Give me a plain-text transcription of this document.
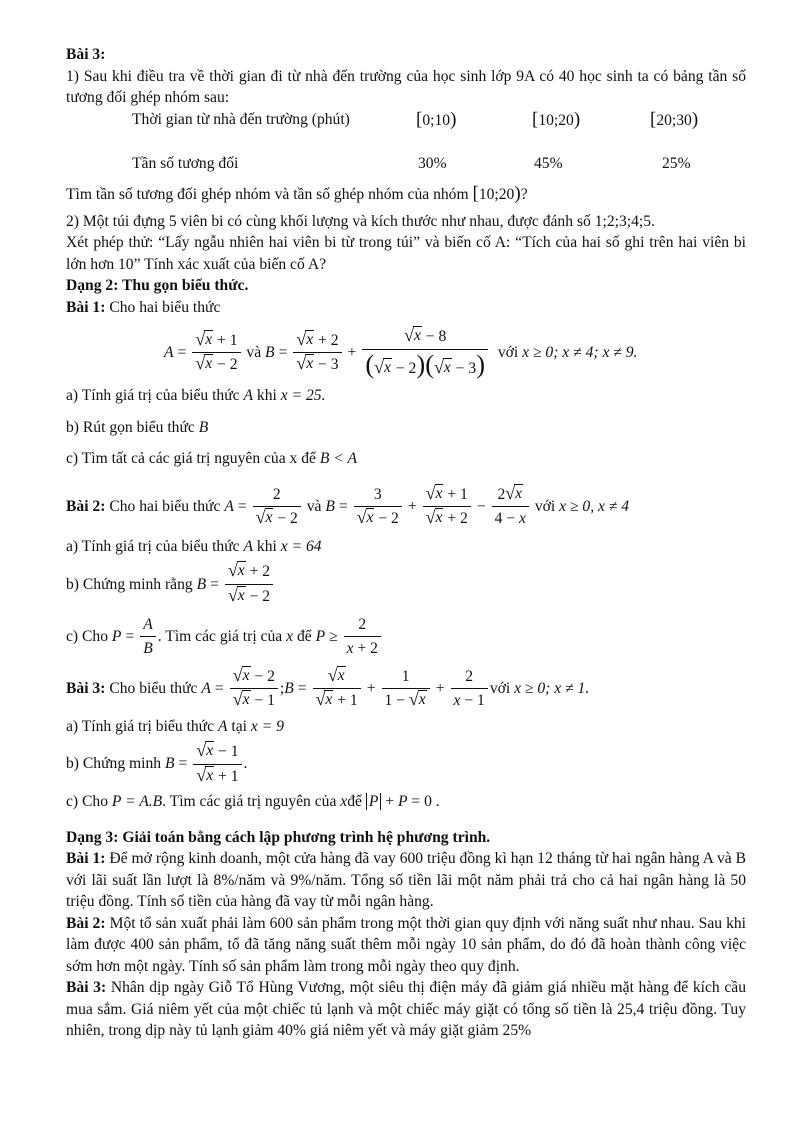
Bài 3:

1) Sau khi điều tra về thời gian đi từ nhà đến trường của học sinh lớp 9A có 40 học sinh ta có bảng tần số tương đối ghép nhóm sau:

Thời gian từ nhà đến trường (phút)	[0;10)	[10;20)	[20;30)
Tần số tương đối	30%	45%	25%

Tìm tần số tương đối ghép nhóm và tần số ghép nhóm của nhóm [10;20)?

2) Một túi đựng 5 viên bi có cùng khối lượng và kích thước như nhau, được đánh số 1;2;3;4;5.

Xét phép thử: “Lấy ngẫu nhiên hai viên bi từ trong túi” và biến cố A: “Tích của hai số ghi trên hai viên bi lớn hơn 10” Tính xác xuất của biến cố A?

Dạng 2: Thu gọn biểu thức.

Bài 1: Cho hai biểu thức

$A = \frac{√ x + 1}{√ x - 2}$
và
$B = \frac{√ x + 2}{√ x - 3} + \frac{√ x - 8}{( √ x - 2)( √ x - 3)}$
với
x ≥ 0; x ≠ 4; x ≠ 9.

a) Tính giá trị của biểu thức A khi x = 25.

b) Rút gọn biểu thức B

c) Tìm tất cả các giá trị nguyên của x để B < A

Bài 2:
Cho hai biểu thức
$A = \frac{2}{√ x - 2}$
và
$B = \frac{3}{√ x - 2} + \frac{√ x + 1}{√ x + 2} - \frac{2 √ x}{4 - x}$
với
x ≥ 0, x ≠ 4

a) Tính giá trị của biểu thức A khi x = 64

b) Chứng minh rằng
$B = \frac{√ x + 2}{√ x - 2}$

c) Cho
$P = \frac{A}{B}$ . Tìm các giá trị của
x
để
$P \ge \frac{2}{x + 2}$

Bài 3:
Cho biểu thức
$A = \frac{√ x - 2}{√ x - 1}$ ; $B = \frac{√ x}{√ x + 1} + \frac{1}{1 - √ x} + \frac{2}{x - 1}$ với
x ≥ 0; x ≠ 1.

a) Tính giá trị biểu thức A tại x = 9

b) Chứng minh
$B = \frac{√ x - 1}{√ x + 1}$ .

c) Cho P = A.B. Tìm các giá trị nguyên của xđể P + P = 0 .

Dạng 3: Giải toán bằng cách lập phương trình hệ phương trình.

Bài 1: Để mở rộng kinh doanh, một cửa hàng đã vay 600 triệu đồng kì hạn 12 tháng từ hai ngân hàng A và B với lãi suất lần lượt là 8%/năm và 9%/năm. Tổng số tiền lãi một năm phải trả cho cả hai ngân hàng là 50 triệu đồng. Tính số tiền của hàng đã vay từ mỗi ngân hàng.

Bài 2: Một tổ sản xuất phải làm 600 sản phẩm trong một thời gian quy định với năng suất như nhau. Sau khi làm được 400 sản phẩm, tổ đã tăng năng suất thêm mỗi ngày 10 sản phẩm, do đó đã hoàn thành công việc sớm hơn một ngày. Tính số sản phẩm làm trong mỗi ngày theo quy định.

Bài 3: Nhân dịp ngày Giỗ Tổ Hùng Vương, một siêu thị điện máy đã giảm giá nhiều mặt hàng để kích cầu mua sắm. Giá niêm yết của một chiếc tủ lạnh và một chiếc máy giặt có tổng số tiền là 25,4 triệu đồng. Tuy nhiên, trong dịp này tủ lạnh giảm 40% giá niêm yết và máy giặt giảm 25%
